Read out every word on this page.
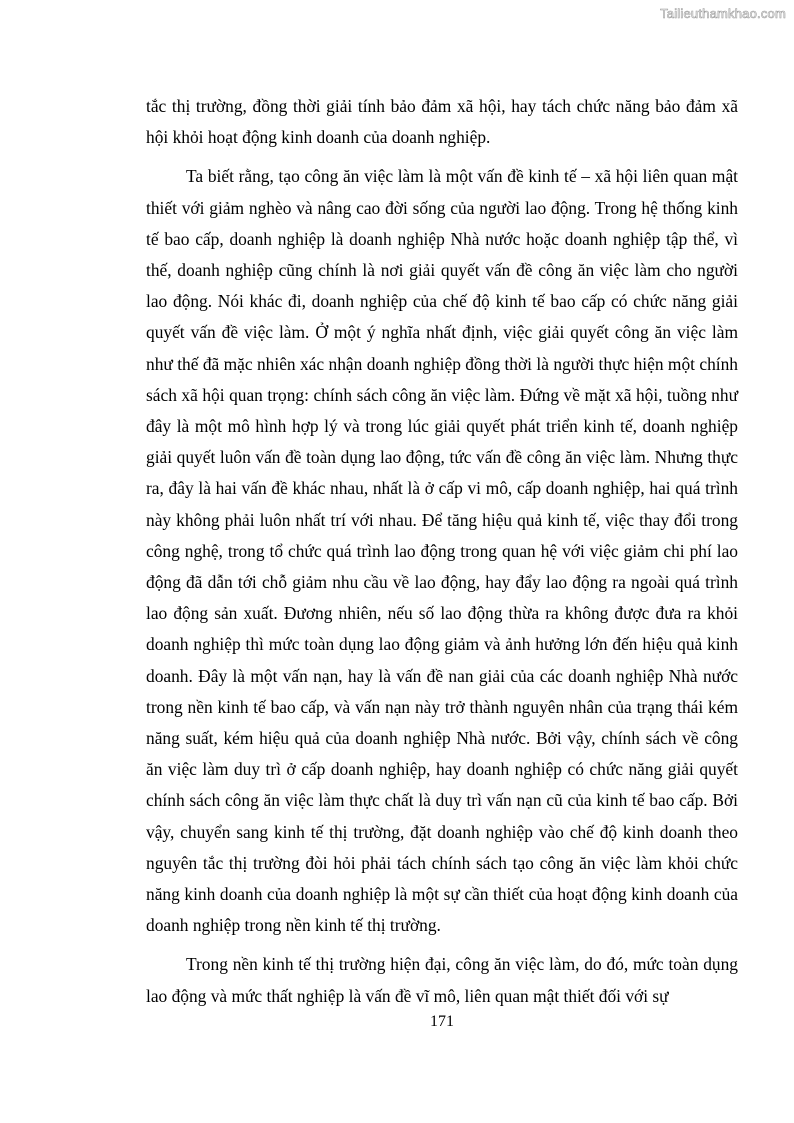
Tailieuthamkhao.com

tắc thị trường, đồng thời giải tính bảo đảm xã hội, hay tách chức năng bảo đảm xã hội khỏi hoạt động kinh doanh của doanh nghiệp.

Ta biết rằng, tạo công ăn việc làm là một vấn đề kinh tế – xã hội liên quan mật thiết với giảm nghèo và nâng cao đời sống của người lao động. Trong hệ thống kinh tế bao cấp, doanh nghiệp là doanh nghiệp Nhà nước hoặc doanh nghiệp tập thể, vì thế, doanh nghiệp cũng chính là nơi giải quyết vấn đề công ăn việc làm cho người lao động. Nói khác đi, doanh nghiệp của chế độ kinh tế bao cấp có chức năng giải quyết vấn đề việc làm. Ở một ý nghĩa nhất định, việc giải quyết công ăn việc làm như thế đã mặc nhiên xác nhận doanh nghiệp đồng thời là người thực hiện một chính sách xã hội quan trọng: chính sách công ăn việc làm. Đứng về mặt xã hội, tuồng như đây là một mô hình hợp lý và trong lúc giải quyết phát triển kinh tế, doanh nghiệp giải quyết luôn vấn đề toàn dụng lao động, tức vấn đề công ăn việc làm. Nhưng thực ra, đây là hai vấn đề khác nhau, nhất là ở cấp vi mô, cấp doanh nghiệp, hai quá trình này không phải luôn nhất trí với nhau. Để tăng hiệu quả kinh tế, việc thay đổi trong công nghệ, trong tổ chức quá trình lao động trong quan hệ với việc giảm chi phí lao động đã dẫn tới chỗ giảm nhu cầu về lao động, hay đẩy lao động ra ngoài quá trình lao động sản xuất. Đương nhiên, nếu số lao động thừa ra không được đưa ra khỏi doanh nghiệp thì mức toàn dụng lao động giảm và ảnh hưởng lớn đến hiệu quả kinh doanh. Đây là một vấn nạn, hay là vấn đề nan giải của các doanh nghiệp Nhà nước trong nền kinh tế bao cấp, và vấn nạn này trở thành nguyên nhân của trạng thái kém năng suất, kém hiệu quả của doanh nghiệp Nhà nước. Bởi vậy, chính sách về công ăn việc làm duy trì ở cấp doanh nghiệp, hay doanh nghiệp có chức năng giải quyết chính sách công ăn việc làm thực chất là duy trì vấn nạn cũ của kinh tế bao cấp. Bởi vậy, chuyển sang kinh tế thị trường, đặt doanh nghiệp vào chế độ kinh doanh theo nguyên tắc thị trường đòi hỏi phải tách chính sách tạo công ăn việc làm khỏi chức năng kinh doanh của doanh nghiệp là một sự cần thiết của hoạt động kinh doanh của doanh nghiệp trong nền kinh tế thị trường.

Trong nền kinh tế thị trường hiện đại, công ăn việc làm, do đó, mức toàn dụng lao động và mức thất nghiệp là vấn đề vĩ mô, liên quan mật thiết đối với sự

171
